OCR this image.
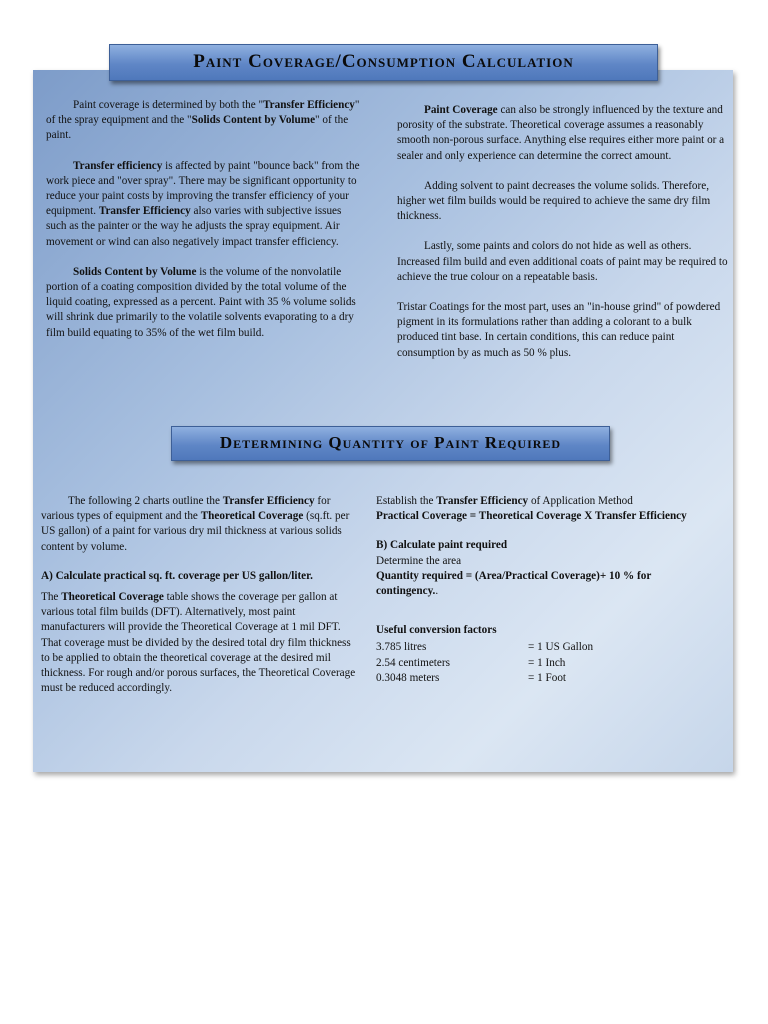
Paint Coverage/Consumption Calculation

Paint coverage is determined by both the "Transfer Efficiency" of the spray equipment and the "Solids Content by Volume" of the paint.

Transfer efficiency is affected by paint "bounce back" from the work piece and "over spray". There may be significant opportunity to reduce your paint costs by improving the transfer efficiency of your equipment. Transfer Efficiency also varies with subjective issues such as the painter or the way he adjusts the spray equipment. Air movement or wind can also negatively impact transfer efficiency.

Solids Content by Volume is the volume of the nonvolatile portion of a coating composition divided by the total volume of the liquid coating, expressed as a percent. Paint with 35 % volume solids will shrink due primarily to the volatile solvents evaporating to a dry film build equating to 35% of the wet film build.

Paint Coverage can also be strongly influenced by the texture and porosity of the substrate. Theoretical coverage assumes a reasonably smooth non-porous surface. Anything else requires either more paint or a sealer and only experience can determine the correct amount.

Adding solvent to paint decreases the volume solids. Therefore, higher wet film builds would be required to achieve the same dry film thickness.

Lastly, some paints and colors do not hide as well as others. Increased film build and even additional coats of paint may be required to achieve the true colour on a repeatable basis.

Tristar Coatings for the most part, uses an "in-house grind" of powdered pigment in its formulations rather than adding a colorant to a bulk produced tint base. In certain conditions, this can reduce paint consumption by as much as 50 % plus.

Determining Quantity of Paint Required

The following 2 charts outline the Transfer Efficiency for various types of equipment and the Theoretical Coverage (sq.ft. per US gallon) of a paint for various dry mil thickness at various solids content by volume.

A) Calculate practical sq. ft. coverage per US gallon/liter.

The Theoretical Coverage table shows the coverage per gallon at various total film builds (DFT). Alternatively, most paint manufacturers will provide the Theoretical Coverage at 1 mil DFT. That coverage must be divided by the desired total dry film thickness to be applied to obtain the theoretical coverage at the desired mil thickness. For rough and/or porous surfaces, the Theoretical Coverage must be reduced accordingly.

Establish the Transfer Efficiency of Application Method

Practical Coverage = Theoretical Coverage X Transfer Efficiency

B) Calculate paint required

Determine the area

Quantity required = (Area/Practical Coverage)+ 10 % for contingency..

Useful conversion factors

3.785 litres	= 1 US Gallon
2.54 centimeters	= 1 Inch
0.3048 meters	= 1 Foot
